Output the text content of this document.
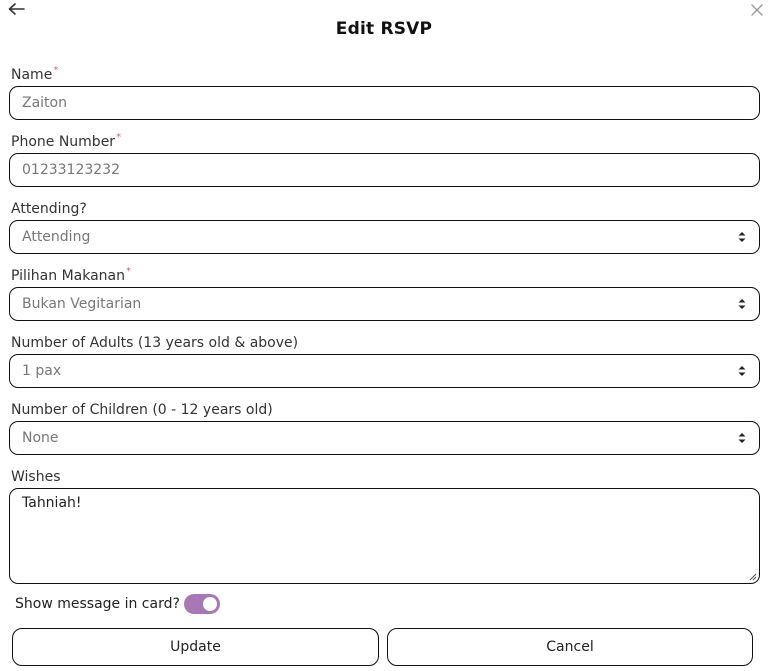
Edit RSVP
Name*
Zaiton
Phone Number*
01233123232
Attending?
Attending
Pilihan Makanan*
Bukan Vegitarian
Number of Adults (13 years old & above)
1 pax
Number of Children (0 - 12 years old)
None
Wishes
Tahniah!
Show message in card?
Update	Cancel
